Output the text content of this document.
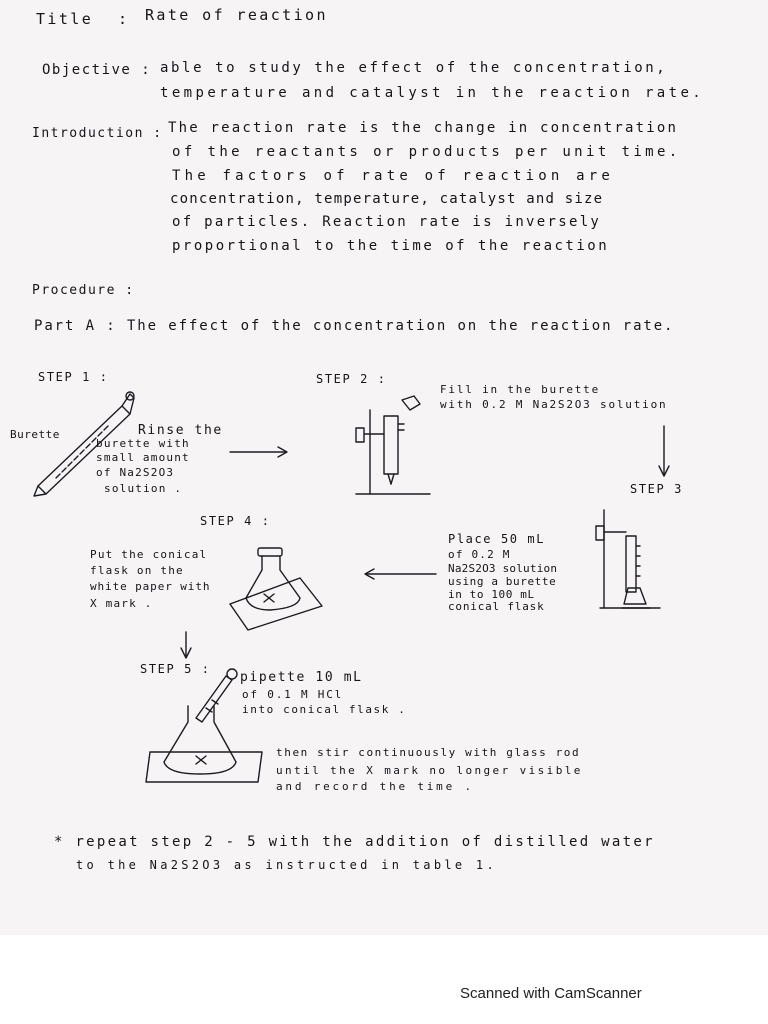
Title : Rate of reaction
Objective : able to study the effect of the concentration,
temperature and catalyst in the reaction rate.
Introduction : The reaction rate is the change in concentration
of the reactants or products per unit time.
The factors of rate of reaction are
concentration, temperature, catalyst and size
of particles. Reaction rate is inversely
proportional to the time of the reaction
Procedure :
Part A : The effect of the concentration on the reaction rate.
STEP 1 :
Burette	Rinse the
burette with
small amount
of Na2S2O3
solution .
STEP 2 :
Fill in the burette
with 0.2 M Na2S2O3 solution
STEP 3
Place 50 mL
of 0.2 M
Na2S2O3 solution
using a burette
in to 100 mL
conical flask
STEP 4 :
Put the conical
flask on the
white paper with
X mark .
STEP 5 :
pipette 10 mL
of 0.1 M HCl
into conical flask .
then stir continuously with glass rod
until the X mark no longer visible
and record the time .
* repeat step 2 - 5 with the addition of distilled water
to the Na2S2O3 as instructed in table 1.
Scanned with CamScanner
